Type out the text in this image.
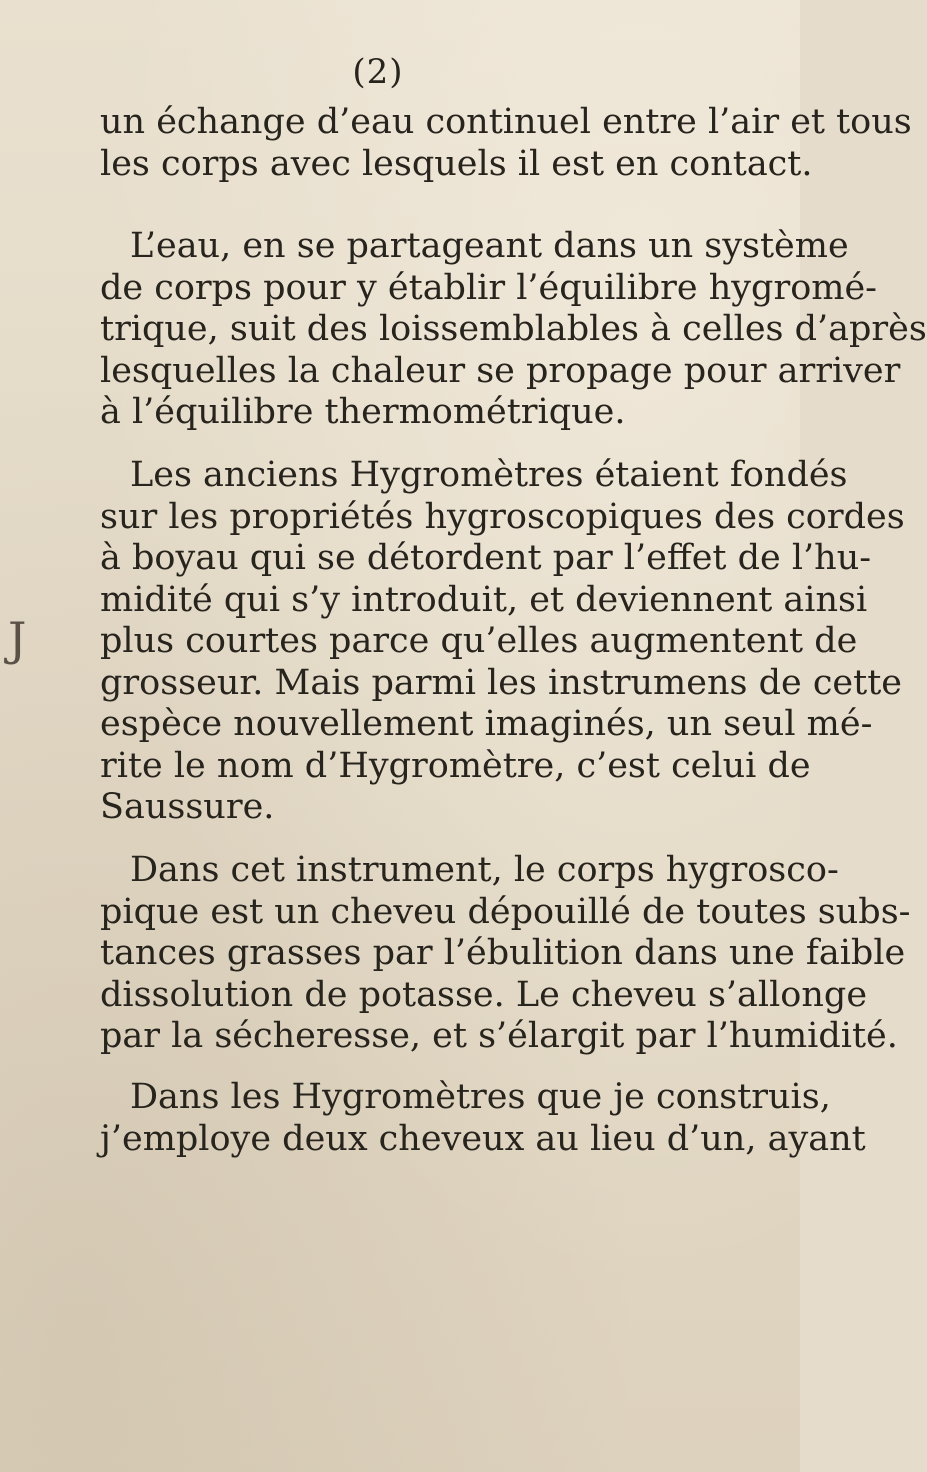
(2)

un échange d’eau continuel entre l’air et tous
les corps avec lesquels il est en contact.

L’eau, en se partageant dans un système
de corps pour y établir l’équilibre hygromé-
trique, suit des loissemblables à celles d’après
lesquelles la chaleur se propage pour arriver
à l’équilibre thermométrique.

Les anciens Hygromètres étaient fondés
sur les propriétés hygroscopiques des cordes
à boyau qui se détordent par l’effet de l’hu-
midité qui s’y introduit, et deviennent ainsi
plus courtes parce qu’elles augmentent de
grosseur. Mais parmi les instrumens de cette
espèce nouvellement imaginés, un seul mé-
rite le nom d’Hygromètre, c’est celui de
Saussure.

Dans cet instrument, le corps hygrosco-
pique est un cheveu dépouillé de toutes subs-
tances grasses par l’ébulition dans une faible
dissolution de potasse. Le cheveu s’allonge
par la sécheresse, et s’élargit par l’humidité.

Dans les Hygromètres que je construis,
j’employe deux cheveux au lieu d’un, ayant

J
